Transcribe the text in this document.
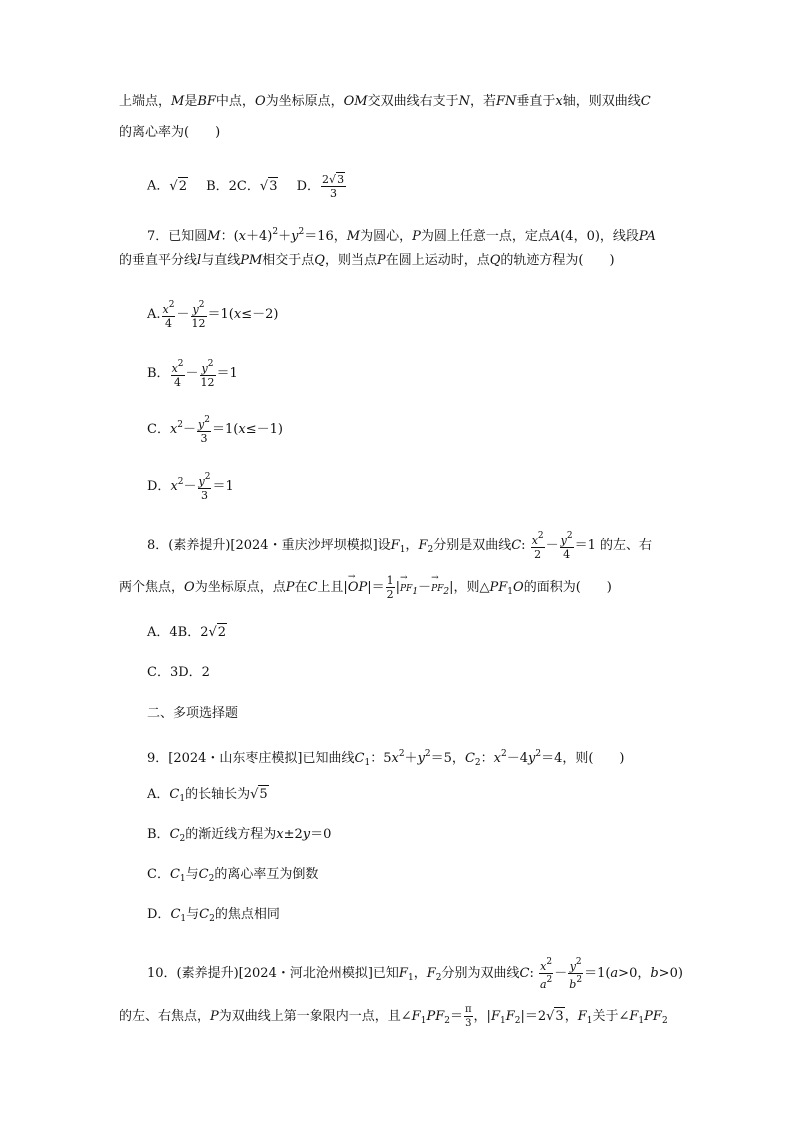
上端点，M是BF中点，O为坐标原点，OM交双曲线右支于N，若FN垂直于x轴，则双曲线C
的离心率为(　　)
A．√2 B．2C．√3 D． $\frac{2√3}{3}$
7．已知圆M：$(x+4)^2+y^2=16$，M为圆心，P为圆上任意一点，定点A(4，0)，线段PA
的垂直平分线l与直线PM相交于点Q，则当点P在圆上运动时，点Q的轨迹方程为(　　)
A. $\frac{x^2}{4} - \frac{y^2}{12} =1(x\le-2)$
B． $\frac{x^2}{4} - \frac{y^2}{12} =1$
C．$x^2- \frac{y^2}{3} =1(x\le-1)$
D．$x^2- \frac{y^2}{3} =1$
8．(素养提升)[2024・重庆沙坪坝模拟]设$F_1$，$F_2$分别是双曲线C: $\frac{x^2}{2} - \frac{y^2}{4} =1$ 的左、右
两个焦点，O为坐标原点，点P在C上且|→ $OP|= \frac{1}{2}$ |→ PF1－→ PF2|，则$\triangle PF_1O$的面积为(　　)
A．4B．2√2
C．3D．2
二、多项选择题
9．[2024・山东枣庄模拟]已知曲线$C_1$：$5x^2+y^2=5$，$C_2$：$x^2-4y^2=4$，则(　　)
A．$C_1$的长轴长为√5
B．$C_2$的渐近线方程为x±2y＝0
C．$C_1$与$C_2$的离心率互为倒数
D．$C_1$与$C_2$的焦点相同
10．(素养提升)[2024・河北沧州模拟]已知$F_1$，$F_2$分别为双曲线C: $\frac{x^2}{a^2} - \frac{y^2}{b^2} =1(a>0$，b>0)
的左、右焦点，P为双曲线上第一象限内一点，且$\angle F_1PF_2= \frac{\pi}{3}$ ，$|F_1F_2|=2√3$，$F_1$关于$\angle F_1PF_2$
